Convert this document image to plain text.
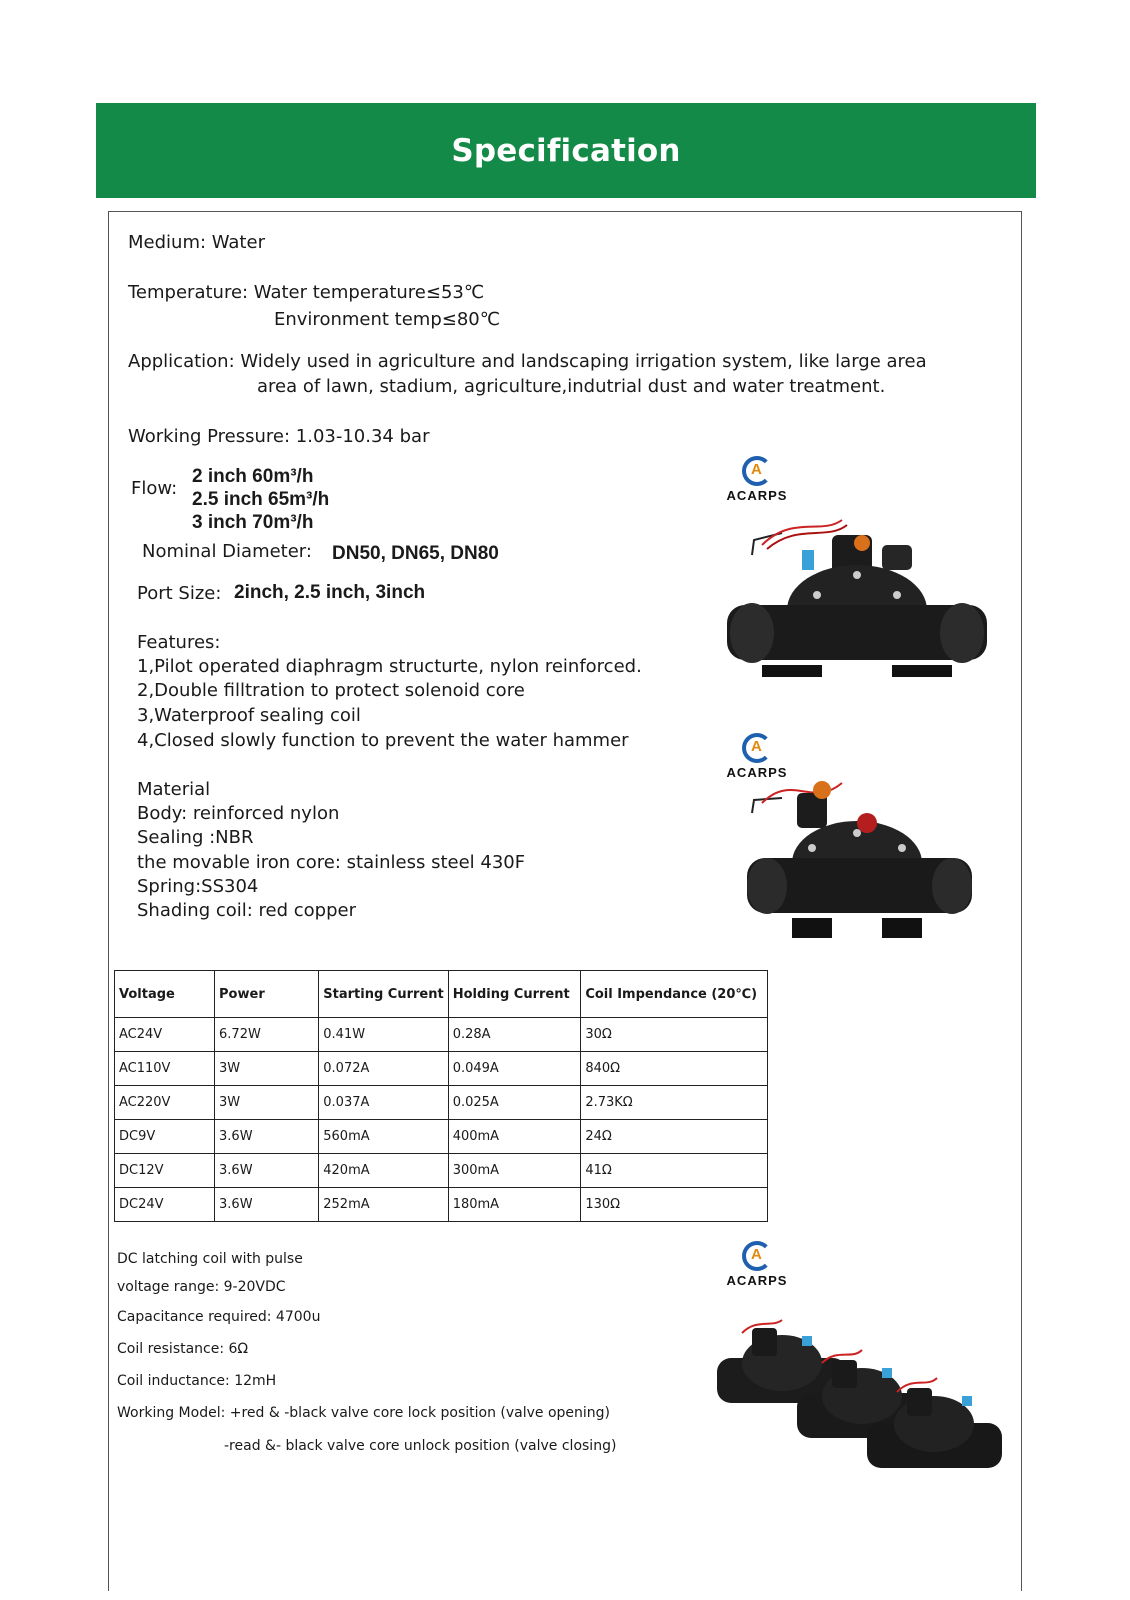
Specification
Medium: Water
Temperature: Water temperature≤53℃
Environment temp≤80℃
Application: Widely used in agriculture and landscaping irrigation system, like large area
area of lawn, stadium, agriculture,indutrial dust and water treatment.
Working Pressure: 1.03-10.34 bar
Flow:
2 inch 60m³/h
2.5 inch 65m³/h
3 inch 70m³/h
Nominal Diameter: DN50, DN65, DN80
Port Size: 2inch, 2.5 inch, 3inch
Features:
1,Pilot operated diaphragm structurte, nylon reinforced.
2,Double filltration to protect solenoid core
3,Waterproof sealing coil
4,Closed slowly function to prevent the water hammer
Material
Body: reinforced nylon
Sealing :NBR
the movable iron core: stainless steel 430F
Spring:SS304
Shading coil: red copper
Voltage	Power	Starting Current	Holding Current	Coil Impendance (20℃)
AC24V	6.72W	0.41W	0.28A	30Ω
AC110V	3W	0.072A	0.049A	840Ω
AC220V	3W	0.037A	0.025A	2.73KΩ
DC9V	3.6W	560mA	400mA	24Ω
DC12V	3.6W	420mA	300mA	41Ω
DC24V	3.6W	252mA	180mA	130Ω
DC latching coil with pulse
voltage range: 9-20VDC
Capacitance required: 4700u
Coil resistance: 6Ω
Coil inductance: 12mH
Working Model: +red & -black valve core lock position (valve opening)
-read &- black valve core unlock position (valve closing)
A
ACARPS
A
ACARPS
A
ACARPS
